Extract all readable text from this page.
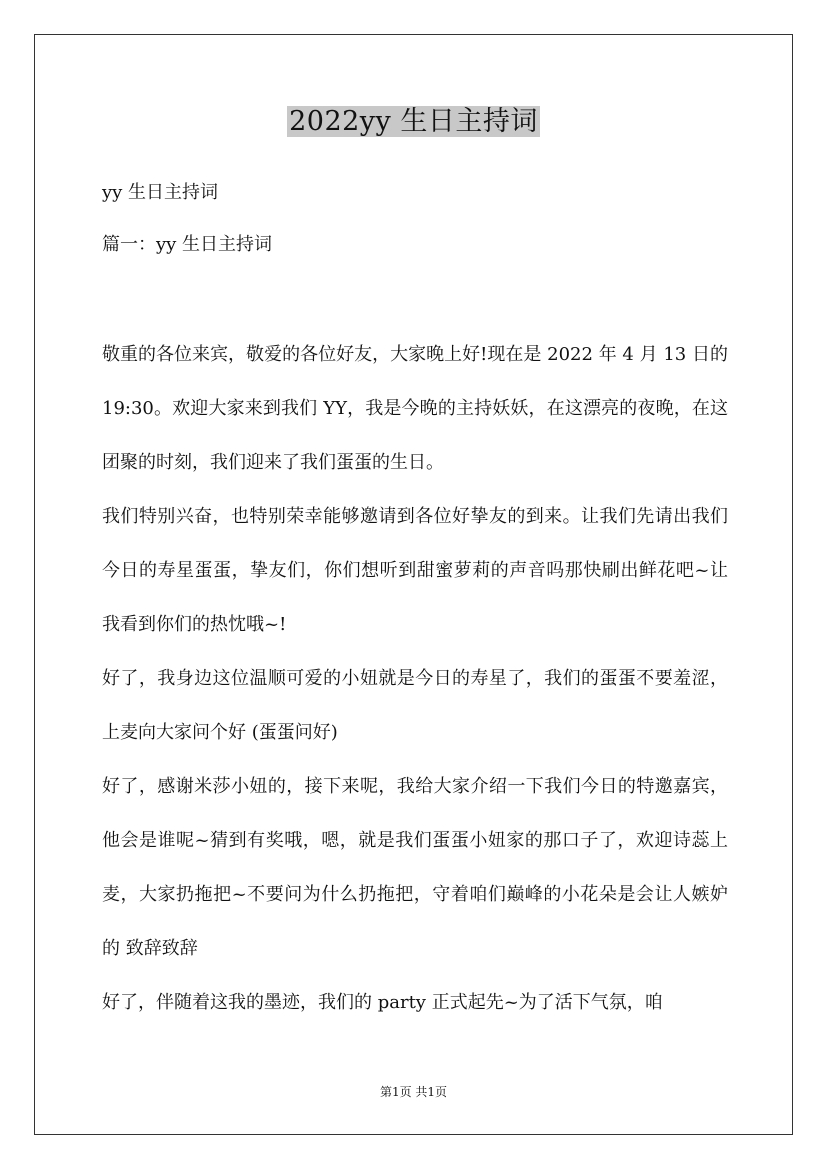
2022yy 生日主持词

yy 生日主持词

篇一：yy 生日主持词

敬重的各位来宾，敬爱的各位好友，大家晚上好!现在是 2022 年 4 月 13 日的 19:30。欢迎大家来到我们 YY，我是今晚的主持妖妖，在这漂亮的夜晚，在这团聚的时刻，我们迎来了我们蛋蛋的生日。

我们特别兴奋，也特别荣幸能够邀请到各位好挚友的到来。让我们先请出我们今日的寿星蛋蛋，挚友们，你们想听到甜蜜萝莉的声音吗那快刷出鲜花吧~让我看到你们的热忱哦~!

好了，我身边这位温顺可爱的小妞就是今日的寿星了，我们的蛋蛋不要羞涩，上麦向大家问个好 (蛋蛋问好)

好了，感谢米莎小妞的，接下来呢，我给大家介绍一下我们今日的特邀嘉宾，他会是谁呢~猜到有奖哦，嗯，就是我们蛋蛋小妞家的那口子了，欢迎诗蕊上麦，大家扔拖把~不要问为什么扔拖把，守着咱们巅峰的小花朵是会让人嫉妒的 致辞致辞

好了，伴随着这我的墨迹，我们的 party 正式起先~为了活下气氛，咱

第1页 共1页
